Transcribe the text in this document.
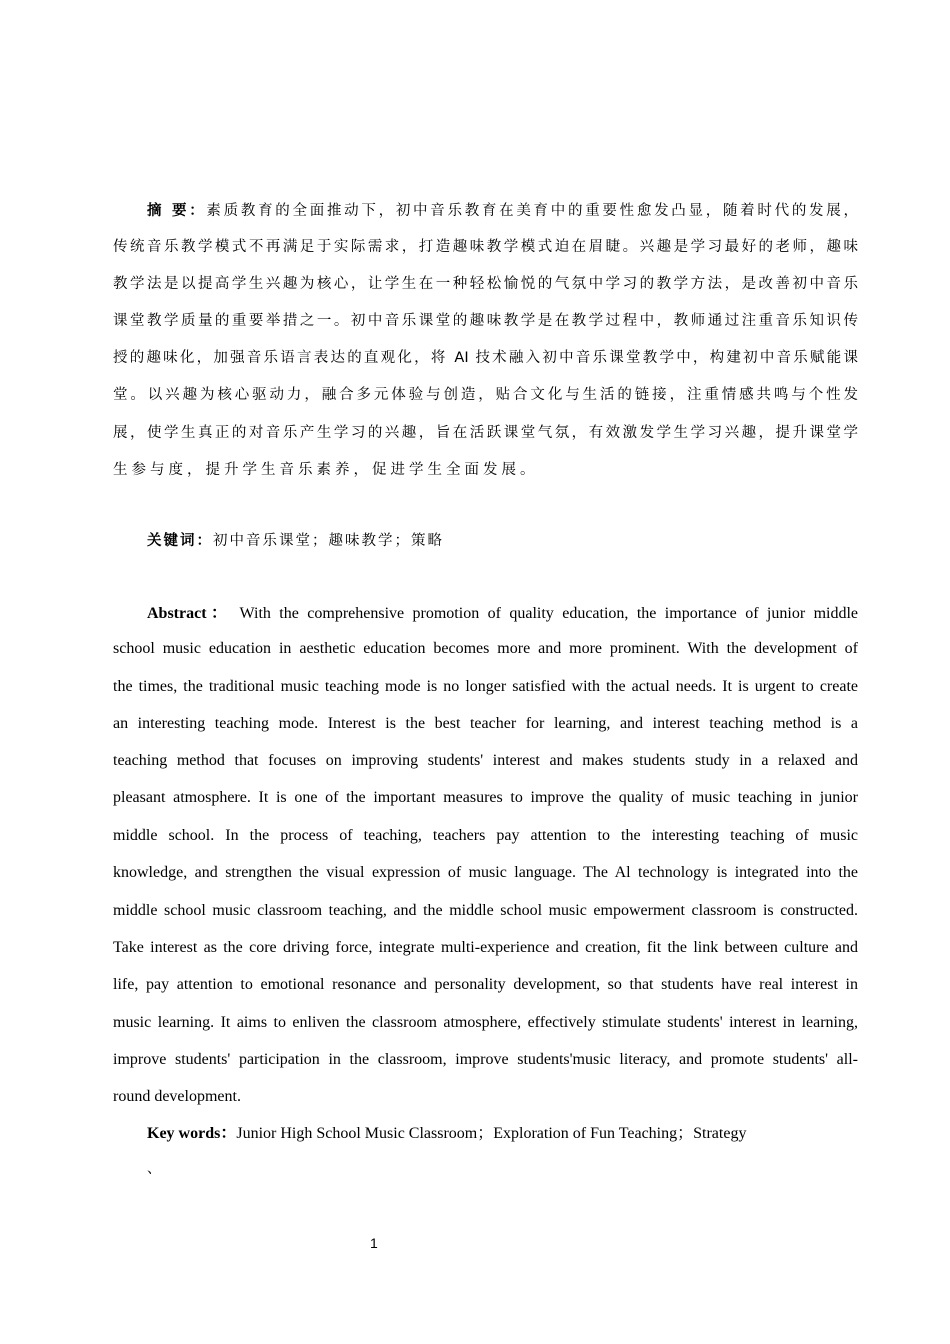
摘 要：素质教育的全面推动下，初中音乐教育在美育中的重要性愈发凸显，随着时代的发展，
传统音乐教学模式不再满足于实际需求，打造趣味教学模式迫在眉睫。兴趣是学习最好的老师，趣味
教学法是以提高学生兴趣为核心，让学生在一种轻松愉悦的气氛中学习的教学方法，是改善初中音乐
课堂教学质量的重要举措之一。初中音乐课堂的趣味教学是在教学过程中，教师通过注重音乐知识传
授的趣味化，加强音乐语言表达的直观化，将 AI 技术融入初中音乐课堂教学中，构建初中音乐赋能课
堂。以兴趣为核心驱动力，融合多元体验与创造，贴合文化与生活的链接，注重情感共鸣与个性发
展，使学生真正的对音乐产生学习的兴趣，旨在活跃课堂气氛，有效激发学生学习兴趣，提升课堂学
生参与度，提升学生音乐素养，促进学生全面发展。
关键词：初中音乐课堂；趣味教学；策略
Abstract： With the comprehensive promotion of quality education, the importance of junior middle
school music education in aesthetic education becomes more and more prominent. With the development of
the times, the traditional music teaching mode is no longer satisfied with the actual needs. It is urgent to create
an interesting teaching mode. Interest is the best teacher for learning, and interest teaching method is a
teaching method that focuses on improving students' interest and makes students study in a relaxed and
pleasant atmosphere. It is one of the important measures to improve the quality of music teaching in junior
middle school. In the process of teaching, teachers pay attention to the interesting teaching of music
knowledge, and strengthen the visual expression of music language. The Al technology is integrated into the
middle school music classroom teaching, and the middle school music empowerment classroom is constructed.
Take interest as the core driving force, integrate multi-experience and creation, fit the link between culture and
life, pay attention to emotional resonance and personality development, so that students have real interest in
music learning. It aims to enliven the classroom atmosphere, effectively stimulate students' interest in learning,
improve students' participation in the classroom, improve students'music literacy, and promote students' all-
round development.
Key words：Junior High School Music Classroom；Exploration of Fun Teaching；Strategy
、
1
